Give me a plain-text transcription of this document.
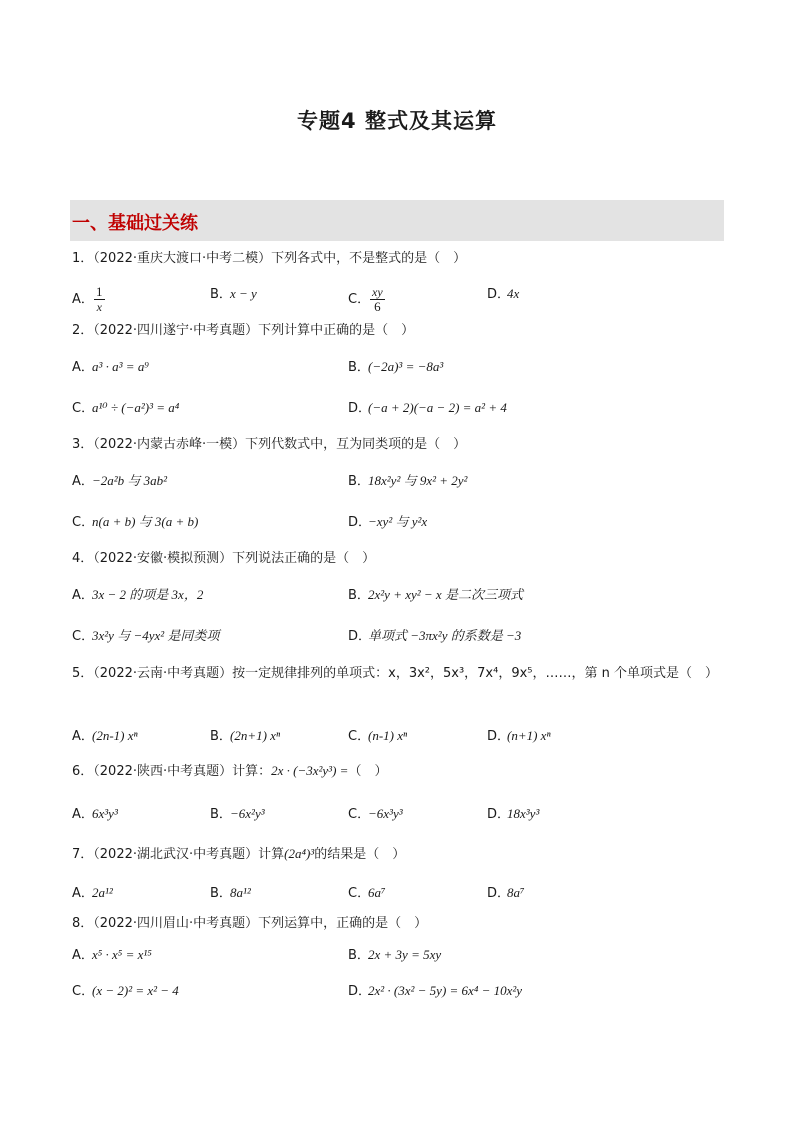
专题4 整式及其运算
一、基础过关练
1．（2022·重庆大渡口·中考二模）下列各式中，不是整式的是（　）
A． $\frac{1}{x}$	B．x − y	C． $\frac{xy}{6}$	D．4x
2．（2022·四川遂宁·中考真题）下列计算中正确的是（　）
A．a³ · a³ = a⁹	B．(−2a)³ = −8a³
C．a¹⁰ ÷ (−a²)³ = a⁴	D．(−a + 2)(−a − 2) = a² + 4
3．（2022·内蒙古赤峰·一模）下列代数式中，互为同类项的是（　）
A．−2a²b 与 3ab²	B．18x²y² 与 9x² + 2y²
C．n(a + b) 与 3(a + b)	D．−xy² 与 y²x
4．（2022·安徽·模拟预测）下列说法正确的是（　）
A．3x − 2 的项是 3x，2	B．2x²y + xy² − x 是二次三项式
C．3x²y 与 −4yx² 是同类项	D．单项式 −3πx²y 的系数是 −3
5．（2022·云南·中考真题）按一定规律排列的单项式：x，3x²，5x³，7x⁴，9x⁵，……，第 n 个单项式是（　）
A．(2n-1) xⁿ	B．(2n+1) xⁿ	C．(n-1) xⁿ	D．(n+1) xⁿ
6．（2022·陕西·中考真题）计算：2x · (−3x²y³) =（　）
A．6x³y³	B．−6x²y³	C．−6x³y³	D．18x³y³
7．（2022·湖北武汉·中考真题）计算(2a⁴)³的结果是（　）
A．2a¹²	B．8a¹²	C．6a⁷	D．8a⁷
8．（2022·四川眉山·中考真题）下列运算中，正确的是（　）
A．x⁵ · x⁵ = x¹⁵	B．2x + 3y = 5xy
C．(x − 2)² = x² − 4	D．2x² · (3x² − 5y) = 6x⁴ − 10x²y
